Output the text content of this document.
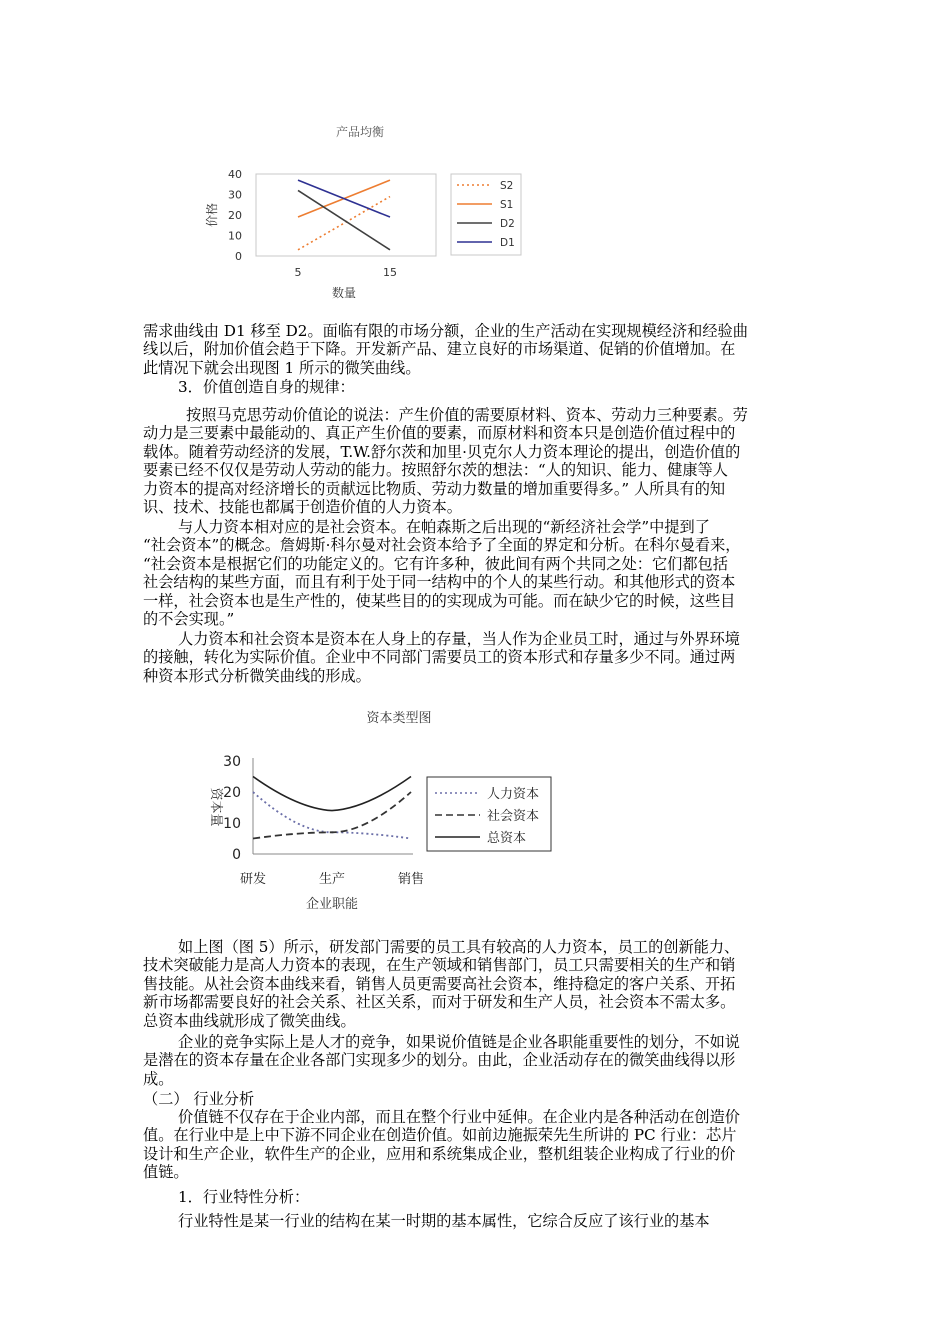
产品均衡
价格
数量
0
10
20
30
40
5	15
S2
S1
D2
D1
需求曲线由 D1 移至 D2。面临有限的市场分额，企业的生产活动在实现规模经济和经验曲
线以后，附加价值会趋于下降。开发新产品、建立良好的市场渠道、促销的价值增加。在
此情况下就会出现图 1 所示的微笑曲线。
3．价值创造自身的规律：
按照马克思劳动价值论的说法：产生价值的需要原材料、资本、劳动力三种要素。劳
动力是三要素中最能动的、真正产生价值的要素，而原材料和资本只是创造价值过程中的
载体。随着劳动经济的发展，T.W.舒尔茨和加里·贝克尔人力资本理论的提出，创造价值的
要素已经不仅仅是劳动人劳动的能力。按照舒尔茨的想法：“人的知识、能力、健康等人
力资本的提高对经济增长的贡献远比物质、劳动力数量的增加重要得多。” 人所具有的知
识、技术、技能也都属于创造价值的人力资本。
与人力资本相对应的是社会资本。在帕森斯之后出现的“新经济社会学”中提到了
“社会资本”的概念。詹姆斯·科尔曼对社会资本给予了全面的界定和分析。在科尔曼看来，
“社会资本是根据它们的功能定义的。它有许多种，彼此间有两个共同之处：它们都包括
社会结构的某些方面，而且有利于处于同一结构中的个人的某些行动。和其他形式的资本
一样，社会资本也是生产性的，使某些目的的实现成为可能。而在缺少它的时候，这些目
的不会实现。”
人力资本和社会资本是资本在人身上的存量，当人作为企业员工时，通过与外界环境
的接触，转化为实际价值。企业中不同部门需要员工的资本形式和存量多少不同。通过两
种资本形式分析微笑曲线的形成。
资本类型图
资本量
企业职能
0
10
20
30
研发	生产	销售
人力资本
社会资本
总资本
如上图（图 5）所示，研发部门需要的员工具有较高的人力资本，员工的创新能力、
技术突破能力是高人力资本的表现，在生产领域和销售部门，员工只需要相关的生产和销
售技能。从社会资本曲线来看，销售人员更需要高社会资本，维持稳定的客户关系、开拓
新市场都需要良好的社会关系、社区关系，而对于研发和生产人员，社会资本不需太多。
总资本曲线就形成了微笑曲线。
企业的竞争实际上是人才的竞争，如果说价值链是企业各职能重要性的划分，不如说
是潜在的资本存量在企业各部门实现多少的划分。由此，企业活动存在的微笑曲线得以形
成。
（二） 行业分析
价值链不仅存在于企业内部，而且在整个行业中延伸。在企业内是各种活动在创造价
值。在行业中是上中下游不同企业在创造价值。如前边施振荣先生所讲的 PC 行业：芯片
设计和生产企业，软件生产的企业，应用和系统集成企业，整机组装企业构成了行业的价
值链。
1．行业特性分析：
行业特性是某一行业的结构在某一时期的基本属性，它综合反应了该行业的基本
